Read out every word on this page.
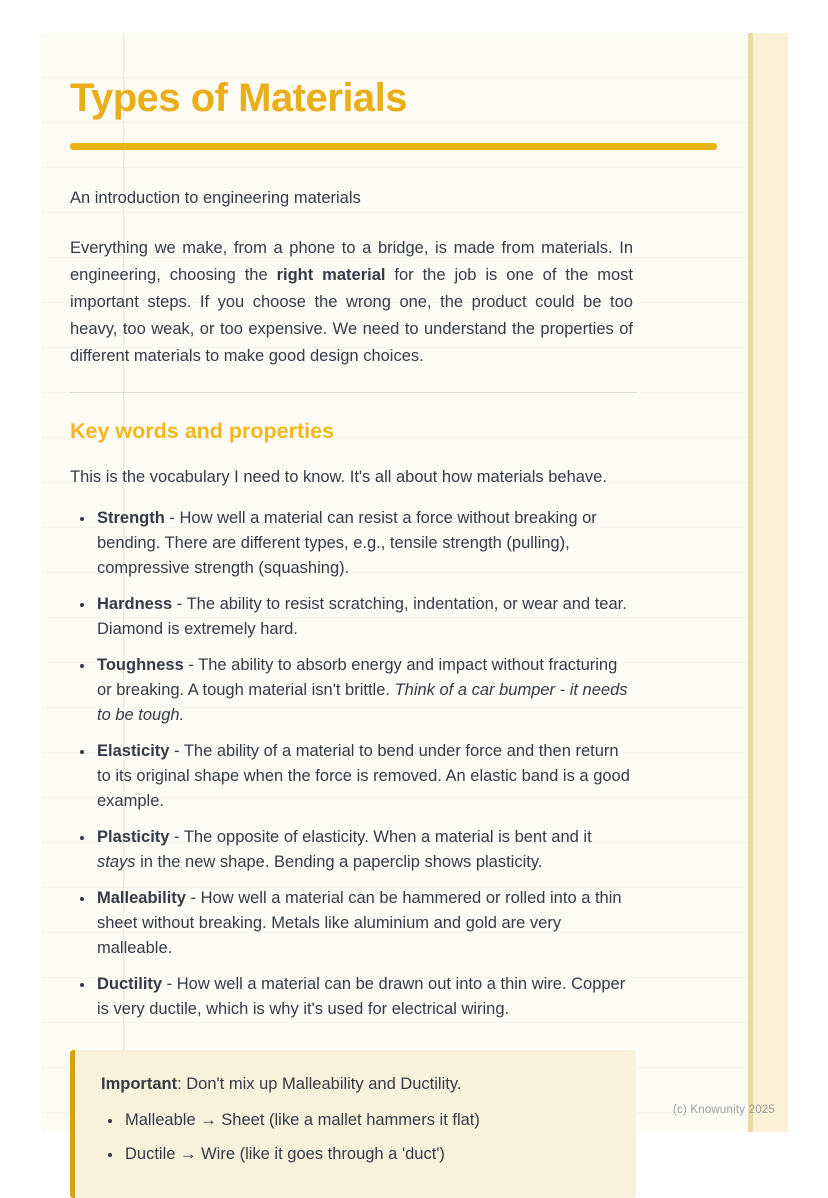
Types of Materials

An introduction to engineering materials

Everything we make, from a phone to a bridge, is made from materials. In engineering, choosing the right material for the job is one of the most important steps. If you choose the wrong one, the product could be too heavy, too weak, or too expensive. We need to understand the properties of different materials to make good design choices.

Key words and properties

This is the vocabulary I need to know. It's all about how materials behave.

• Strength - How well a material can resist a force without breaking or bending. There are different types, e.g., tensile strength (pulling), compressive strength (squashing).
• Hardness - The ability to resist scratching, indentation, or wear and tear. Diamond is extremely hard.
• Toughness - The ability to absorb energy and impact without fracturing or breaking. A tough material isn't brittle. Think of a car bumper - it needs to be tough.
• Elasticity - The ability of a material to bend under force and then return to its original shape when the force is removed. An elastic band is a good example.
• Plasticity - The opposite of elasticity. When a material is bent and it stays in the new shape. Bending a paperclip shows plasticity.
• Malleability - How well a material can be hammered or rolled into a thin sheet without breaking. Metals like aluminium and gold are very malleable.
• Ductility - How well a material can be drawn out into a thin wire. Copper is very ductile, which is why it's used for electrical wiring.

Important: Don't mix up Malleability and Ductility.

• Malleable → Sheet (like a mallet hammers it flat)
• Ductile → Wire (like it goes through a 'duct')
(c) Knowunity 2025
